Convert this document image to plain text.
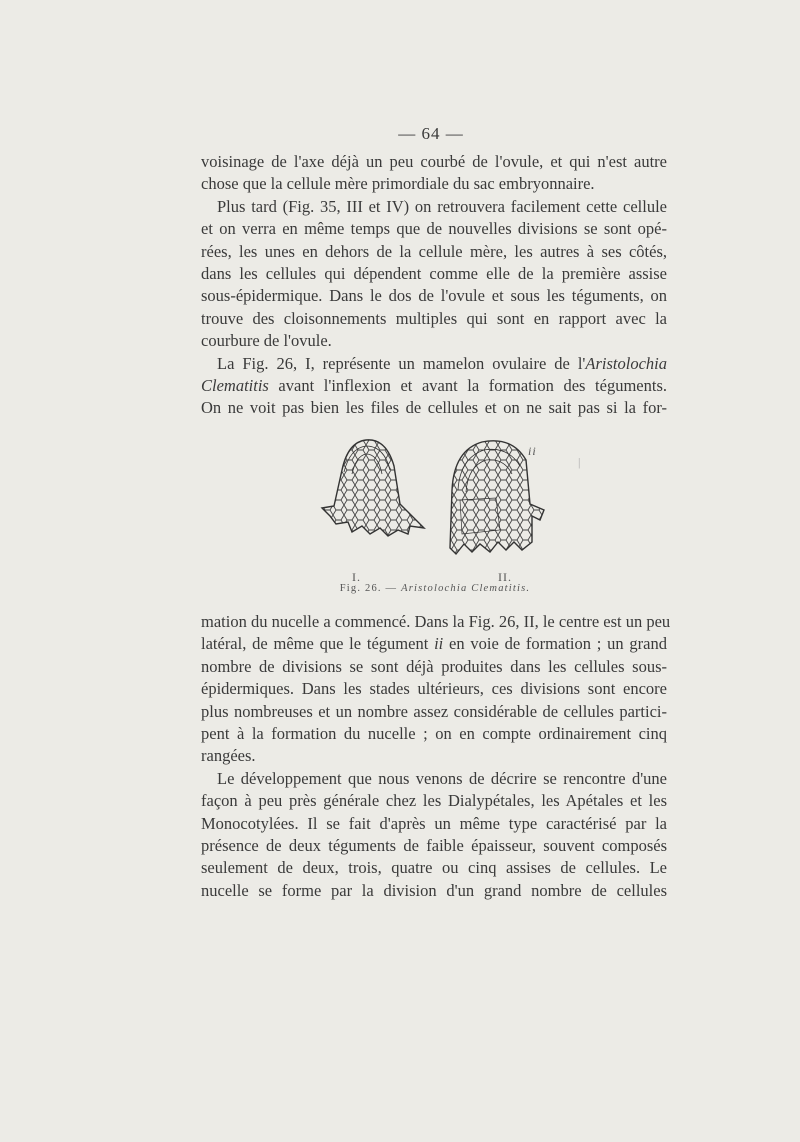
— 64 —

voisinage de l'axe déjà un peu courbé de l'ovule, et qui n'est autre
chose que la cellule mère primordiale du sac embryonnaire.

Plus tard (Fig. 35, III et IV) on retrouvera facilement cette cellule
et on verra en même temps que de nouvelles divisions se sont opé-
rées, les unes en dehors de la cellule mère, les autres à ses côtés,
dans les cellules qui dépendent comme elle de la première assise
sous-épidermique. Dans le dos de l'ovule et sous les téguments, on
trouve des cloisonnements multiples qui sont en rapport avec la
courbure de l'ovule.

La Fig. 26, I, représente un mamelon ovulaire de l'Aristolochia
Clematitis avant l'inflexion et avant la formation des téguments.
On ne voit pas bien les files de cellules et on ne sait pas si la for-

ii
I.	II.
Fig. 26. — Aristolochia Clematitis.

mation du nucelle a commencé. Dans la Fig. 26, II, le centre est un peu
latéral, de même que le tégument ii en voie de formation ; un grand
nombre de divisions se sont déjà produites dans les cellules sous-
épidermiques. Dans les stades ultérieurs, ces divisions sont encore
plus nombreuses et un nombre assez considérable de cellules partici-
pent à la formation du nucelle ; on en compte ordinairement cinq
rangées.

Le développement que nous venons de décrire se rencontre d'une
façon à peu près générale chez les Dialypétales, les Apétales et les
Monocotylées. Il se fait d'après un même type caractérisé par la
présence de deux téguments de faible épaisseur, souvent composés
seulement de deux, trois, quatre ou cinq assises de cellules. Le
nucelle se forme par la division d'un grand nombre de cellules

|
